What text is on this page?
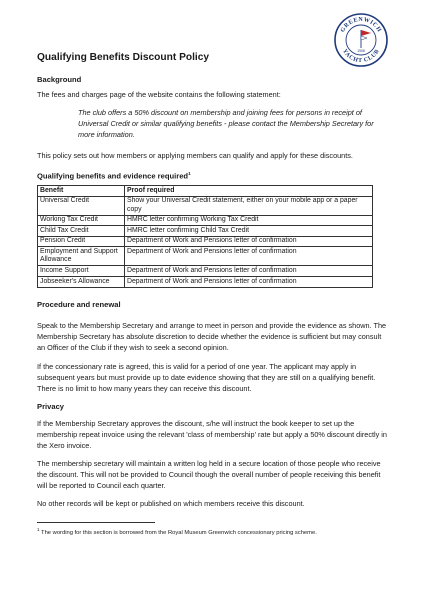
GREENWICH
YACHT CLUB
1908
Qualifying Benefits Discount Policy
Background
The fees and charges page of the website contains the following statement:
The club offers a 50% discount on membership and joining fees for persons in receipt of Universal Credit or similar qualifying benefits - please contact the Membership Secretary for more information.
This policy sets out how members or applying members can qualify and apply for these discounts.
Qualifying benefits and evidence required$^1$
Benefit	Proof required
Universal Credit	Show your Universal Credit statement, either on your mobile app or a paper copy
Working Tax Credit	HMRC letter confirming Working Tax Credit
Child Tax Credit	HMRC letter confirming Child Tax Credit
Pension Credit	Department of Work and Pensions letter of confirmation
Employment and Support Allowance	Department of Work and Pensions letter of confirmation
Income Support	Department of Work and Pensions letter of confirmation
Jobseeker's Allowance	Department of Work and Pensions letter of confirmation
Procedure and renewal
Speak to the Membership Secretary and arrange to meet in person and provide the evidence as shown. The Membership Secretary has absolute discretion to decide whether the evidence is sufficient but may consult an Officer of the Club if they wish to seek a second opinion.
If the concessionary rate is agreed, this is valid for a period of one year. The applicant may apply in subsequent years but must provide up to date evidence showing that they are still on a qualifying benefit. There is no limit to how many years they can receive this discount.
Privacy
If the Membership Secretary approves the discount, s/he will instruct the book keeper to set up the membership repeat invoice using the relevant 'class of membership' rate but apply a 50% discount directly in the Xero invoice.
The membership secretary will maintain a written log held in a secure location of those people who receive the discount. This will not be provided to Council though the overall number of people receiving this benefit will be reported to Council each quarter.
No other records will be kept or published on which members receive this discount.
$^1$ The wording for this section is borrowed from the Royal Museum Greenwich concessionary pricing scheme.
